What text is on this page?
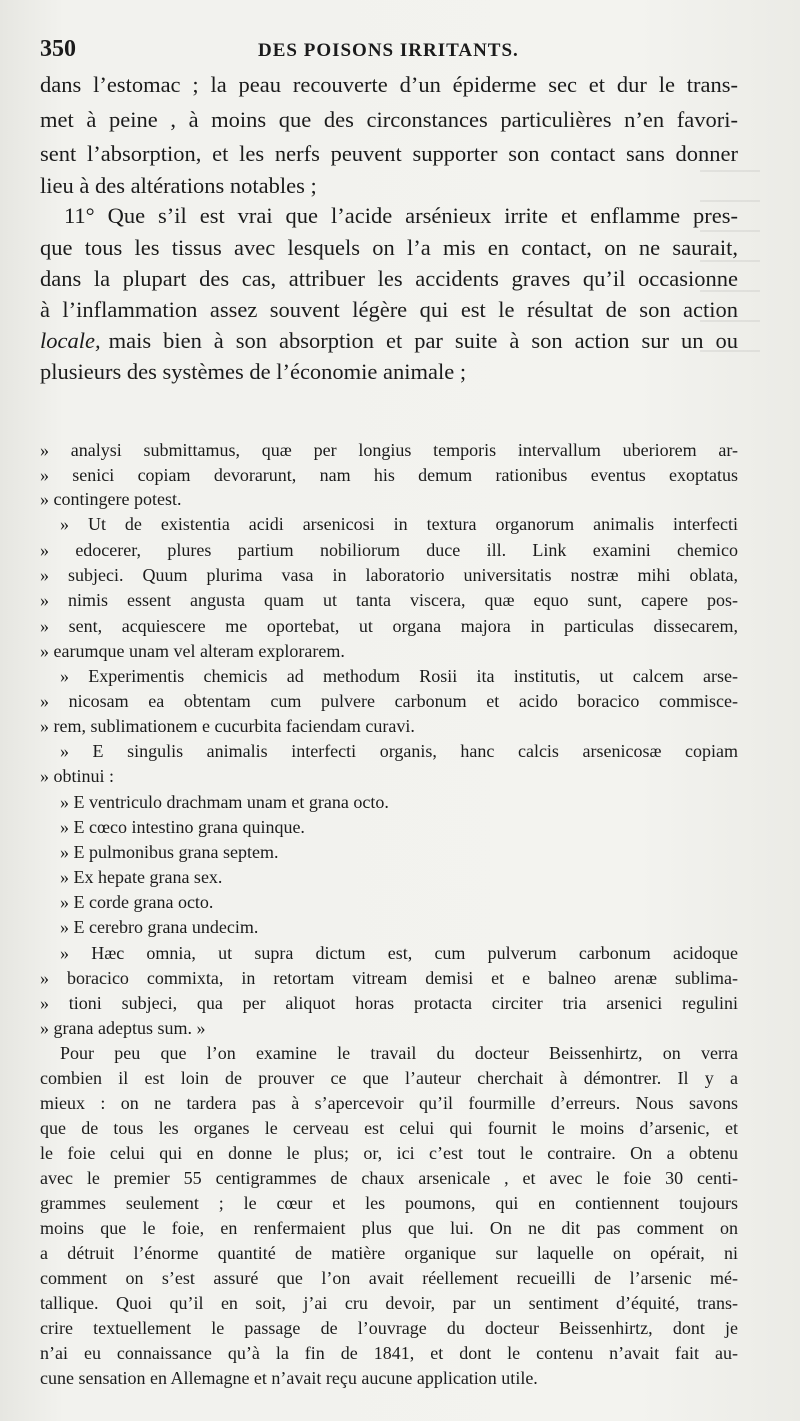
350	DES POISONS IRRITANTS.
dans l’estomac ; la peau recouverte d’un épiderme sec et dur le trans-
met à peine , à moins que des circonstances particulières n’en favori-
sent l’absorption, et les nerfs peuvent supporter son contact sans donner
lieu à des altérations notables ;
11° Que s’il est vrai que l’acide arsénieux irrite et enflamme pres-
que tous les tissus avec lesquels on l’a mis en contact, on ne saurait,
dans la plupart des cas, attribuer les accidents graves qu’il occasionne
à l’inflammation assez souvent légère qui est le résultat de son action
locale, mais bien à son absorption et par suite à son action sur un ou
plusieurs des systèmes de l’économie animale ;
» analysi submittamus, quæ per longius temporis intervallum uberiorem ar-
» senici copiam devorarunt, nam his demum rationibus eventus exoptatus
» contingere potest.
» Ut de existentia acidi arsenicosi in textura organorum animalis interfecti
» edocerer, plures partium nobiliorum duce ill. Link examini chemico
» subjeci. Quum plurima vasa in laboratorio universitatis nostræ mihi oblata,
» nimis essent angusta quam ut tanta viscera, quæ equo sunt, capere pos-
» sent, acquiescere me oportebat, ut organa majora in particulas dissecarem,
» earumque unam vel alteram explorarem.
» Experimentis chemicis ad methodum Rosii ita institutis, ut calcem arse-
» nicosam ea obtentam cum pulvere carbonum et acido boracico commisce-
» rem, sublimationem e cucurbita faciendam curavi.
» E singulis animalis interfecti organis, hanc calcis arsenicosæ copiam
» obtinui :
» E ventriculo drachmam unam et grana octo.
» E cœco intestino grana quinque.
» E pulmonibus grana septem.
» Ex hepate grana sex.
» E corde grana octo.
» E cerebro grana undecim.
» Hæc omnia, ut supra dictum est, cum pulverum carbonum acidoque
» boracico commixta, in retortam vitream demisi et e balneo arenæ sublima-
» tioni subjeci, qua per aliquot horas protacta circiter tria arsenici regulini
» grana adeptus sum. »
Pour peu que l’on examine le travail du docteur Beissenhirtz, on verra
combien il est loin de prouver ce que l’auteur cherchait à démontrer. Il y a
mieux : on ne tardera pas à s’apercevoir qu’il fourmille d’erreurs. Nous savons
que de tous les organes le cerveau est celui qui fournit le moins d’arsenic, et
le foie celui qui en donne le plus; or, ici c’est tout le contraire. On a obtenu
avec le premier 55 centigrammes de chaux arsenicale , et avec le foie 30 centi-
grammes seulement ; le cœur et les poumons, qui en contiennent toujours
moins que le foie, en renfermaient plus que lui. On ne dit pas comment on
a détruit l’énorme quantité de matière organique sur laquelle on opérait, ni
comment on s’est assuré que l’on avait réellement recueilli de l’arsenic mé-
tallique. Quoi qu’il en soit, j’ai cru devoir, par un sentiment d’équité, trans-
crire textuellement le passage de l’ouvrage du docteur Beissenhirtz, dont je
n’ai eu connaissance qu’à la fin de 1841, et dont le contenu n’avait fait au-
cune sensation en Allemagne et n’avait reçu aucune application utile.
